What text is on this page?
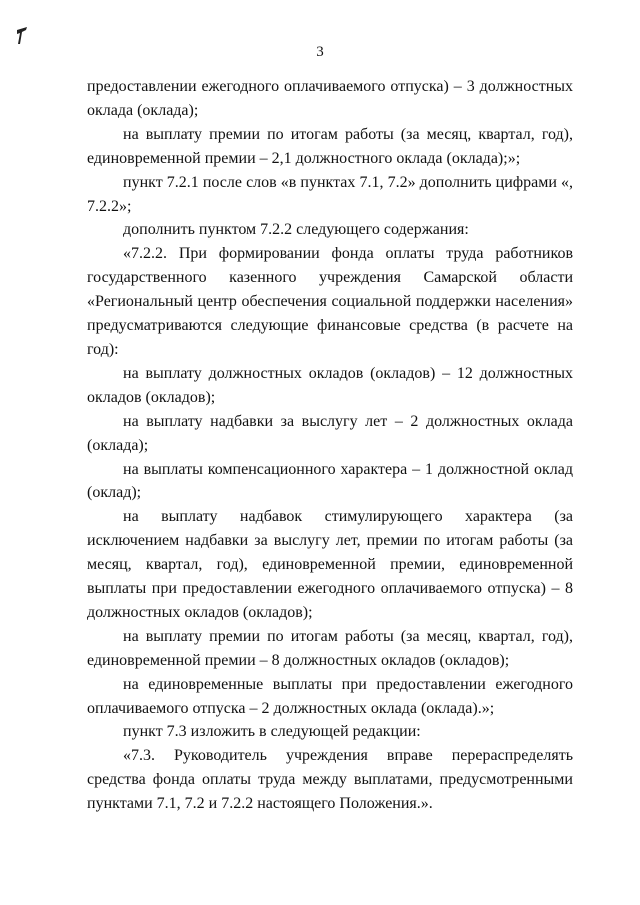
3

предоставлении ежегодного оплачиваемого отпуска) – 3 должностных оклада (оклада);

на выплату премии по итогам работы (за месяц, квартал, год), единовременной премии – 2,1 должностного оклада (оклада);»;

пункт 7.2.1 после слов «в пунктах 7.1, 7.2» дополнить цифрами «, 7.2.2»;

дополнить пунктом 7.2.2 следующего содержания:

«7.2.2. При формировании фонда оплаты труда работников государственного казенного учреждения Самарской области «Региональный центр обеспечения социальной поддержки населения» предусматриваются следующие финансовые средства (в расчете на год):

на выплату должностных окладов (окладов) – 12 должностных окладов (окладов);

на выплату надбавки за выслугу лет – 2 должностных оклада (оклада);

на выплаты компенсационного характера – 1 должностной оклад (оклад);

на выплату надбавок стимулирующего характера (за исключением надбавки за выслугу лет, премии по итогам работы (за месяц, квартал, год), единовременной премии, единовременной выплаты при предоставлении ежегодного оплачиваемого отпуска) – 8 должностных окладов (окладов);

на выплату премии по итогам работы (за месяц, квартал, год), единовременной премии – 8 должностных окладов (окладов);

на единовременные выплаты при предоставлении ежегодного оплачиваемого отпуска – 2 должностных оклада (оклада).»;

пункт 7.3 изложить в следующей редакции:

«7.3. Руководитель учреждения вправе перераспределять средства фонда оплаты труда между выплатами, предусмотренными пунктами 7.1, 7.2 и 7.2.2 настоящего Положения.».
